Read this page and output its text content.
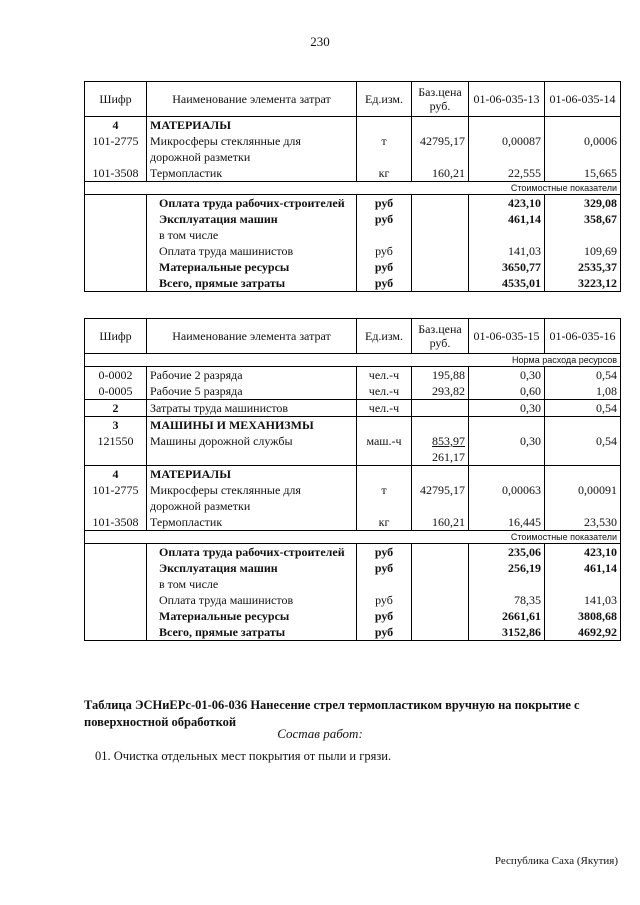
230
Шифр	Наименование элемента затрат	Ед.изм.	Баз.цена руб.	01-06-035-13	01-06-035-14
4	МАТЕРИАЛЫ				
101-2775	Микросферы стеклянные для дорожной разметки	т	42795,17	0,00087	0,0006
101-3508	Термопластик	кг	160,21	22,555	15,665
Стоимостные показатели					
	Оплата труда рабочих-строителей	руб		423,10	329,08
	Эксплуатация машин	руб		461,14	358,67
	в том числе				
	Оплата труда машинистов	руб		141,03	109,69
	Материальные ресурсы	руб		3650,77	2535,37
	Всего, прямые затраты	руб		4535,01	3223,12
Шифр	Наименование элемента затрат	Ед.изм.	Баз.цена руб.	01-06-035-15	01-06-035-16
Норма расхода ресурсов					
0-0002	Рабочие 2 разряда	чел.-ч	195,88	0,30	0,54
0-0005	Рабочие 5 разряда	чел.-ч	293,82	0,60	1,08
2	Затраты труда машинистов	чел.-ч		0,30	0,54
3	МАШИНЫ И МЕХАНИЗМЫ				
121550	Машины дорожной службы	маш.-ч	853,97	0,30	0,54
			261,17		
4	МАТЕРИАЛЫ				
101-2775	Микросферы стеклянные для дорожной разметки	т	42795,17	0,00063	0,00091
101-3508	Термопластик	кг	160,21	16,445	23,530
Стоимостные показатели					
	Оплата труда рабочих-строителей	руб		235,06	423,10
	Эксплуатация машин	руб		256,19	461,14
	в том числе				
	Оплата труда машинистов	руб		78,35	141,03
	Материальные ресурсы	руб		2661,61	3808,68
	Всего, прямые затраты	руб		3152,86	4692,92
Таблица ЭСНиЕРс-01-06-036 Нанесение стрел термопластиком вручную на покрытие с поверхностной обработкой
Состав работ:
01. Очистка отдельных мест покрытия от пыли и грязи.
Республика Саха (Якутия)
